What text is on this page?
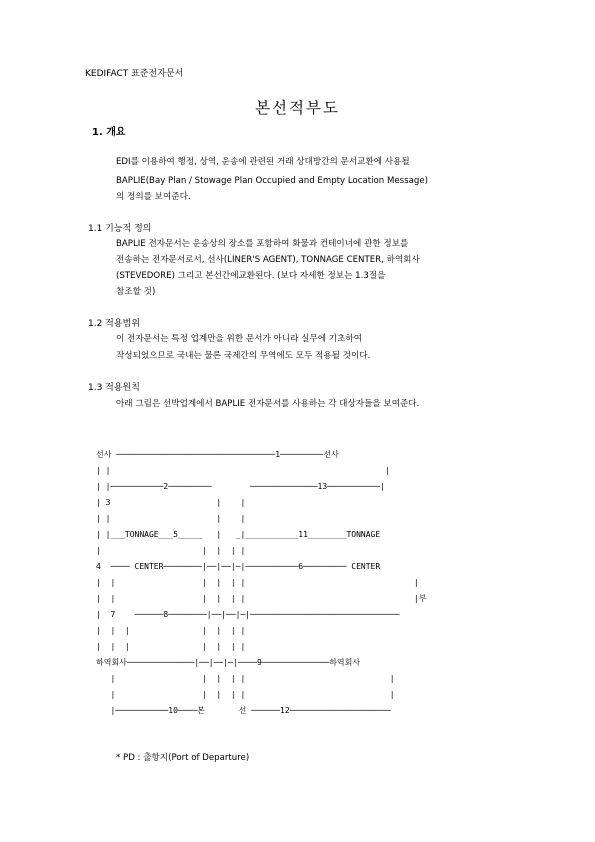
KEDIFACT 표준전자문서
본선적부도
1. 개요
EDI를 이용하여 행정, 상역, 운송에 관련된 거래 상대방간의 문서교환에 사용될
BAPLIE(Bay Plan / Stowage Plan Occupied and Empty Location Message)
의 정의를 보여준다.
1.1 기능적 정의
BAPLIE 전자문서는 운송상의 장소를 포함하여 화물과 컨테이너에 관한 정보를
전송하는 전자문서로서, 선사(LINER'S AGENT), TONNAGE CENTER, 하역회사
(STEVEDORE) 그리고 본선간에교환된다. (보다 자세한 정보는 1.3절을
참조할 것)
1.2 적용범위
이 전자문서는 특정 업계만을 위한 문서가 아니라 실무에 기초하여
작성되었으므로 국내는 물론 국제간의 무역에도 모두 적용될 것이다.
1.3 적용원칙
아래 그림은 선박업계에서 BAPLIE 전자문서를 사용하는 각 대상자들을 보여준다.
선사 ─────────────────────────────────1─────────선사
| |                                                         |
| |───────────2─────────        ──────────────13───────────|
| 3                      |    |
| |                      |    |
| |___TONNAGE___5_____   |   _|___________11________TONNAGE
|                     |  |  | |
4  ──── CENTER────────|──|──|─|───────────6───────── CENTER
|  |                  |  |  | |                                   |
|  |                  |  |  | |                                   |부
|  7    ──────8────────|──|──|─|───────────────────────────────
|  |  |               |  |  | |
|  |  |               |  |  | |
하역회사──────────────|──|──|─|────9──────────────하역회사
|                  |  |  | |                              |
|                  |  |  | |                              |
|───────────10────본       선 ──────12─────────────────────
* PD : 출항지(Port of Departure)
